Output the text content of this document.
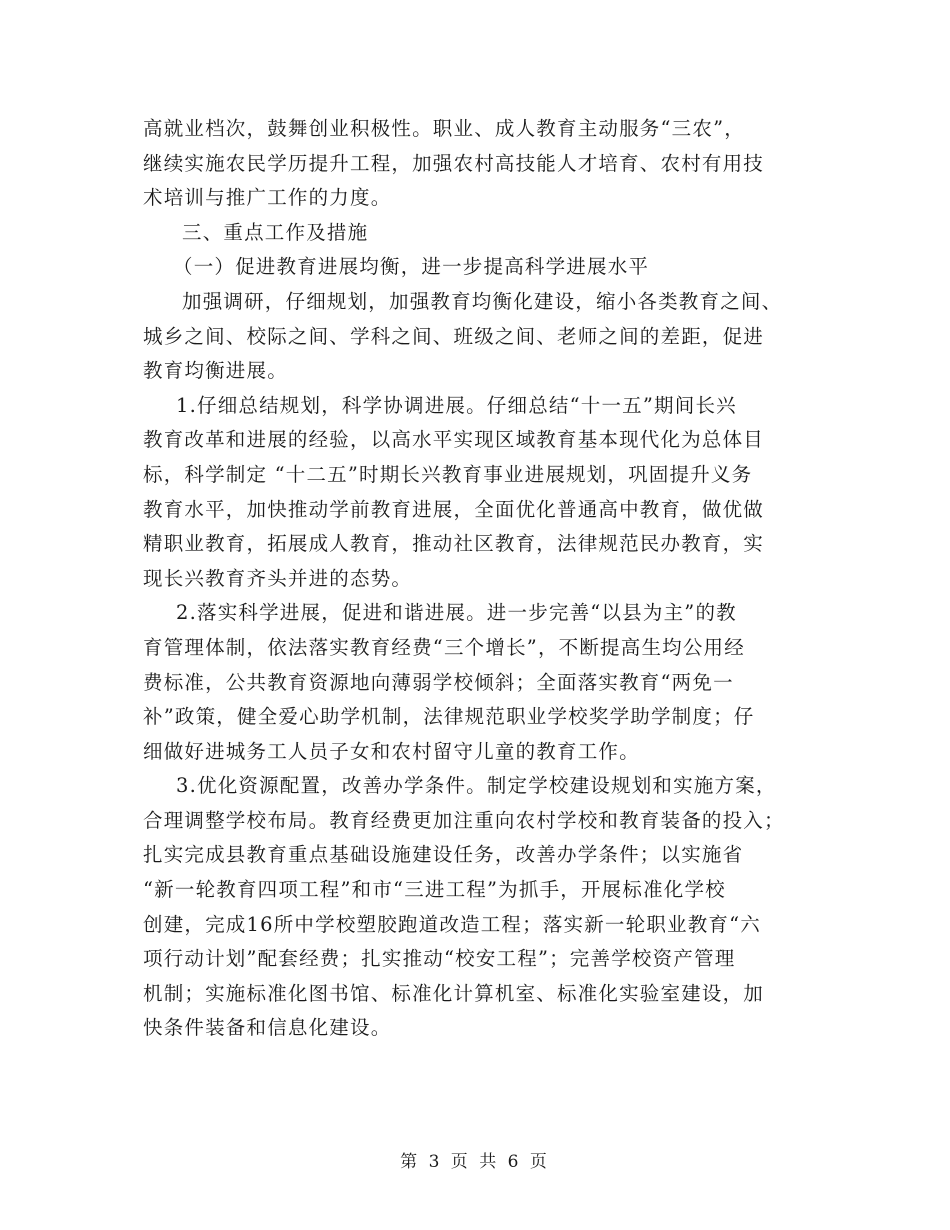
高就业档次，鼓舞创业积极性。职业、成人教育主动服务“三农”，
继续实施农民学历提升工程，加强农村高技能人才培育、农村有用技
术培训与推广工作的力度。
三、重点工作及措施
（一）促进教育进展均衡，进一步提高科学进展水平
加强调研，仔细规划，加强教育均衡化建设，缩小各类教育之间、
城乡之间、校际之间、学科之间、班级之间、老师之间的差距，促进
教育均衡进展。
1.仔细总结规划，科学协调进展。仔细总结“十一五”期间长兴
教育改革和进展的经验，以高水平实现区域教育基本现代化为总体目
标，科学制定 “十二五”时期长兴教育事业进展规划，巩固提升义务
教育水平，加快推动学前教育进展，全面优化普通高中教育，做优做
精职业教育，拓展成人教育，推动社区教育，法律规范民办教育，实
现长兴教育齐头并进的态势。
2.落实科学进展，促进和谐进展。进一步完善“以县为主”的教
育管理体制，依法落实教育经费“三个增长”，不断提高生均公用经
费标准，公共教育资源地向薄弱学校倾斜；全面落实教育“两免一
补”政策，健全爱心助学机制，法律规范职业学校奖学助学制度；仔
细做好进城务工人员子女和农村留守儿童的教育工作。
3.优化资源配置，改善办学条件。制定学校建设规划和实施方案，
合理调整学校布局。教育经费更加注重向农村学校和教育装备的投入；
扎实完成县教育重点基础设施建设任务，改善办学条件；以实施省
“新一轮教育四项工程”和市“三进工程”为抓手，开展标准化学校
创建，完成16所中学校塑胶跑道改造工程；落实新一轮职业教育“六
项行动计划”配套经费；扎实推动“校安工程”；完善学校资产管理
机制；实施标准化图书馆、标准化计算机室、标准化实验室建设，加
快条件装备和信息化建设。
第 3 页 共 6 页
